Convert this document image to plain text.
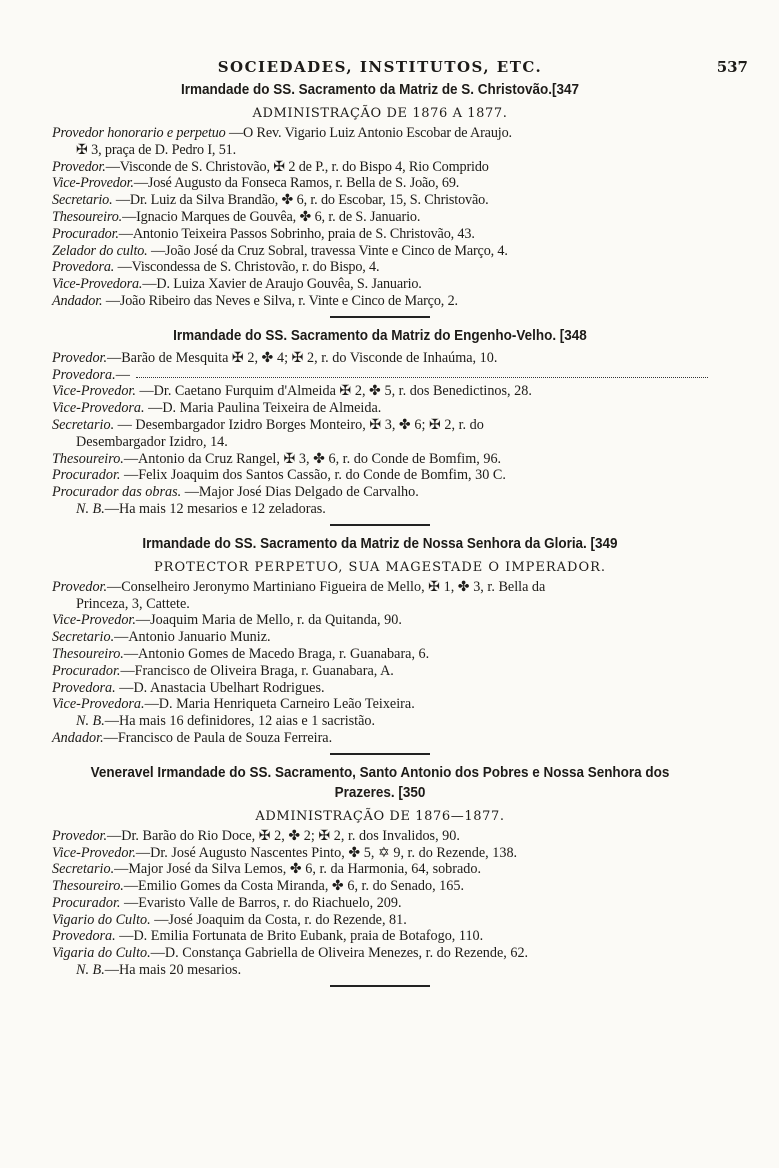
SOCIEDADES, INSTITUTOS, ETC.	537
Irmandade do SS. Sacramento da Matriz de S. Christovão.[347
ADMINISTRAÇÃO DE 1876 A 1877.
Provedor honorario e perpetuo —O Rev. Vigario Luiz Antonio Escobar de Araujo.
✠ 3, praça de D. Pedro I, 51.
Provedor.—Visconde de S. Christovão, ✠ 2 de P., r. do Bispo 4, Rio Comprido
Vice-Provedor.—José Augusto da Fonseca Ramos, r. Bella de S. João, 69.
Secretario. —Dr. Luiz da Silva Brandão, ✤ 6, r. do Escobar, 15, S. Christovão.
Thesoureiro.—Ignacio Marques de Gouvêa, ✤ 6, r. de S. Januario.
Procurador.—Antonio Teixeira Passos Sobrinho, praia de S. Christovão, 43.
Zelador do culto. —João José da Cruz Sobral, travessa Vinte e Cinco de Março, 4.
Provedora. —Viscondessa de S. Christovão, r. do Bispo, 4.
Vice-Provedora.—D. Luiza Xavier de Araujo Gouvêa, S. Januario.
Andador. —João Ribeiro das Neves e Silva, r. Vinte e Cinco de Março, 2.
Irmandade do SS. Sacramento da Matriz do Engenho-Velho. [348
Provedor.—Barão de Mesquita ✠ 2, ✤ 4; ✠ 2, r. do Visconde de Inhaúma, 10.
Provedora. —
Vice-Provedor. —Dr. Caetano Furquim d'Almeida ✠ 2, ✤ 5, r. dos Benedictinos, 28.
Vice-Provedora. —D. Maria Paulina Teixeira de Almeida.
Secretario. — Desembargador Izidro Borges Monteiro, ✠ 3, ✤ 6; ✠ 2, r. do
Desembargador Izidro, 14.
Thesoureiro.—Antonio da Cruz Rangel, ✠ 3, ✤ 6, r. do Conde de Bomfim, 96.
Procurador. —Felix Joaquim dos Santos Cassão, r. do Conde de Bomfim, 30 C.
Procurador das obras. —Major José Dias Delgado de Carvalho.
N. B.—Ha mais 12 mesarios e 12 zeladoras.
Irmandade do SS. Sacramento da Matriz de Nossa Senhora da Gloria. [349
PROTECTOR PERPETUO, SUA MAGESTADE O IMPERADOR.
Provedor.—Conselheiro Jeronymo Martiniano Figueira de Mello, ✠ 1, ✤ 3, r. Bella da
Princeza, 3, Cattete.
Vice-Provedor.—Joaquim Maria de Mello, r. da Quitanda, 90.
Secretario.—Antonio Januario Muniz.
Thesoureiro.—Antonio Gomes de Macedo Braga, r. Guanabara, 6.
Procurador.—Francisco de Oliveira Braga, r. Guanabara, A.
Provedora. —D. Anastacia Ubelhart Rodrigues.
Vice-Provedora.—D. Maria Henriqueta Carneiro Leão Teixeira.
N. B.—Ha mais 16 definidores, 12 aias e 1 sacristão.
Andador.—Francisco de Paula de Souza Ferreira.
Veneravel Irmandade do SS. Sacramento, Santo Antonio dos Pobres e Nossa Senhora dos Prazeres. [350
ADMINISTRAÇÃO DE 1876—1877.
Provedor.—Dr. Barão do Rio Doce, ✠ 2, ✤ 2; ✠ 2, r. dos Invalidos, 90.
Vice-Provedor.—Dr. José Augusto Nascentes Pinto, ✤ 5, ✡ 9, r. do Rezende, 138.
Secretario.—Major José da Silva Lemos, ✤ 6, r. da Harmonia, 64, sobrado.
Thesoureiro.—Emilio Gomes da Costa Miranda, ✤ 6, r. do Senado, 165.
Procurador. —Evaristo Valle de Barros, r. do Riachuelo, 209.
Vigario do Culto. —José Joaquim da Costa, r. do Rezende, 81.
Provedora. —D. Emilia Fortunata de Brito Eubank, praia de Botafogo, 110.
Vigaria do Culto.—D. Constança Gabriella de Oliveira Menezes, r. do Rezende, 62.
N. B.—Ha mais 20 mesarios.
